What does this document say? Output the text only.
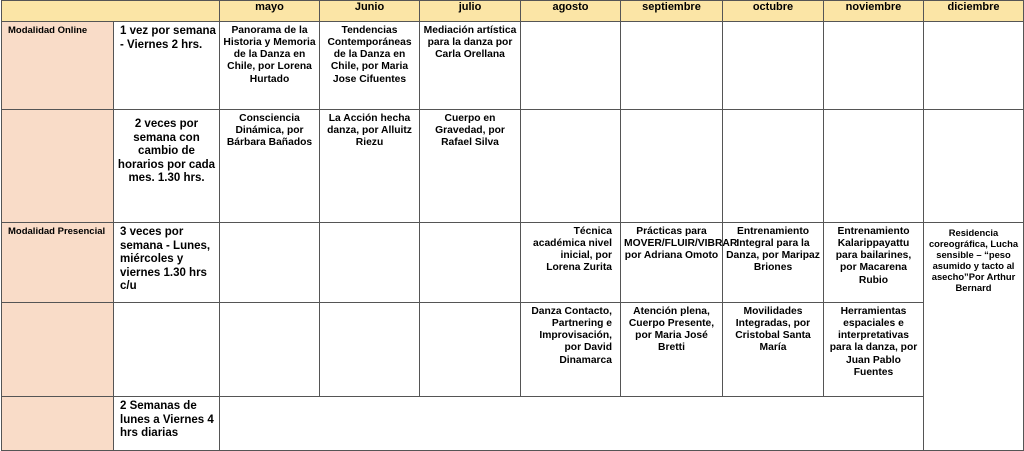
		mayo	Junio	julio	agosto	septiembre	octubre	noviembre	diciembre
Modalidad Online	1 vez por semana - Viernes 2 hrs.	Panorama de la Historia y Memoria de la Danza en Chile, por Lorena Hurtado	Tendencias Contemporáneas de la Danza en Chile, por Maria Jose Cifuentes	Mediación artística para la danza por Carla Orellana					
	2 veces por semana con cambio de horarios por cada mes. 1.30 hrs.	Consciencia Dinámica, por Bárbara Bañados	La Acción hecha danza, por Alluitz Riezu	Cuerpo en Gravedad, por Rafael Silva					
Modalidad Presencial	3 veces por semana - Lunes, miércoles y viernes 1.30 hrs c/u				Técnica académica nivel inicial, por Lorena Zurita	Prácticas para MOVER/FLUIR/VIBRAR por Adriana Omoto	Entrenamiento Integral para la Danza, por Maripaz Briones	Entrenamiento Kalarippayattu para bailarines, por Macarena Rubio	Residencia coreográfica, Lucha sensible – “peso asumido y tacto al asecho”Por Arthur Bernard
					Danza Contacto, Partnering e Improvisación, por David Dinamarca	Atención plena, Cuerpo Presente, por Maria José Bretti	Movilidades Integradas, por Cristobal Santa María	Herramientas espaciales e interpretativas para la danza, por Juan Pablo Fuentes	
	2 Semanas de lunes a Viernes 4 hrs diarias								
